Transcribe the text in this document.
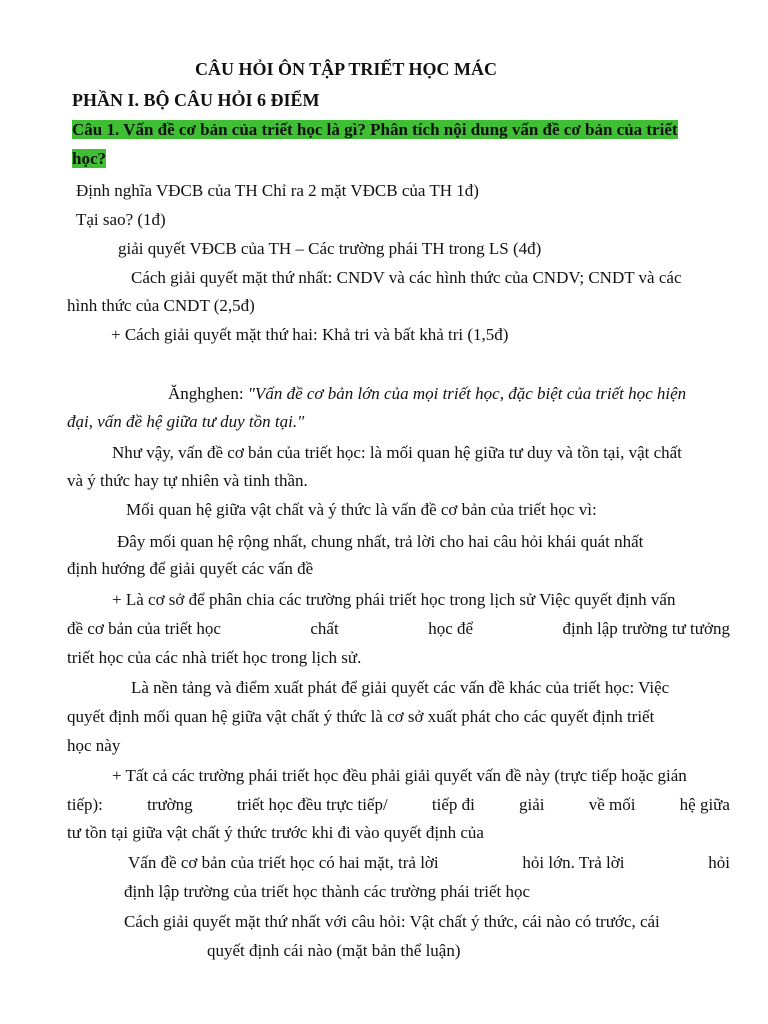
CÂU HỎI ÔN TẬP TRIẾT HỌC MÁC
PHẦN I. BỘ CÂU HỎI 6 ĐIỂM
Câu 1. Vấn đề cơ bản của triết học là gì? Phân tích nội dung vấn đề cơ bản của triết
học?
Định nghĩa VĐCB của TH Chỉ ra 2 mặt VĐCB của TH 1đ)
Tại sao? (1đ)
giải quyết VĐCB của TH – Các trường phái TH trong LS (4đ)
Cách giải quyết mặt thứ nhất: CNDV và các hình thức của CNDV; CNDT và các
hình thức của CNDT (2,5đ)
+ Cách giải quyết mặt thứ hai: Khả tri và bất khả tri (1,5đ)
Ănghghen: "Vấn đề cơ bản lớn của mọi triết học, đặc biệt của triết học hiện
đại, vấn đề hệ giữa tư duy tồn tại."
Như vậy, vấn đề cơ bản của triết học: là mối quan hệ giữa tư duy và tồn tại, vật chất
và ý thức hay tự nhiên và tinh thần.
Mối quan hệ giữa vật chất và ý thức là vấn đề cơ bản của triết học vì:
Đây mối quan hệ rộng nhất, chung nhất, trả lời cho hai câu hỏi khái quát nhất
định hướng để giải quyết các vấn đề
+ Là cơ sở để phân chia các trường phái triết học trong lịch sử Việc quyết định vấn
đề cơ bản của triết học	chất	học để	định lập trường tư tưởng
triết học của các nhà triết học trong lịch sử.
Là nền tảng và điểm xuất phát để giải quyết các vấn đề khác của triết học: Việc
quyết định mối quan hệ giữa vật chất ý thức là cơ sở xuất phát cho các quyết định triết
học này
+ Tất cả các trường phái triết học đều phải giải quyết vấn đề này (trực tiếp hoặc gián
tiếp):	trường	triết học đều trực tiếp/	tiếp đi	giải	về mối	hệ giữa
tư tồn tại giữa vật chất ý thức trước khi đi vào quyết định của
Vấn đề cơ bản của triết học có hai mặt, trả lời	hỏi lớn. Trả lời	hỏi
định lập trường của triết học thành các trường phái triết học
Cách giải quyết mặt thứ nhất với câu hỏi: Vật chất ý thức, cái nào có trước, cái
quyết định cái nào (mặt bản thể luận)
